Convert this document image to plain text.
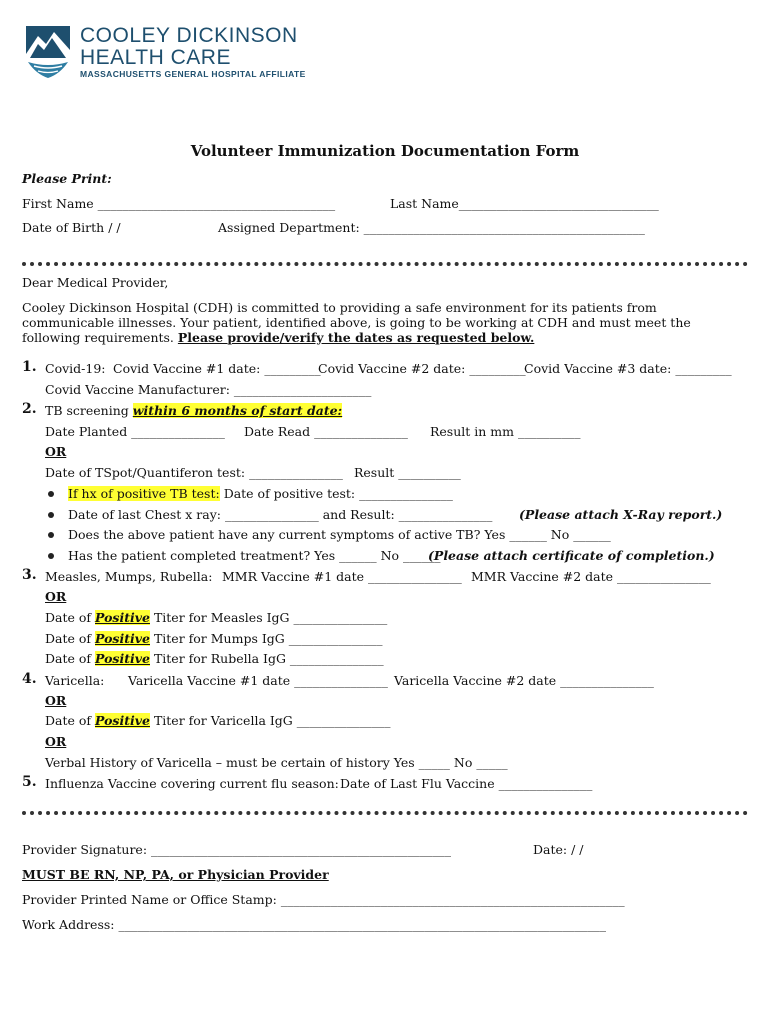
COOLEY DICKINSON
HEALTH CARE
MASSACHUSETTS GENERAL HOSPITAL AFFILIATE
Volunteer Immunization Documentation Form
Please Print:
First Name ______________________________________	Last Name________________________________
Date of Birth / /	Assigned Department: _____________________________________________
Dear Medical Provider,
Cooley Dickinson Hospital (CDH) is committed to providing a safe environment for its patients from communicable illnesses. Your patient, identified above, is going to be working at CDH and must meet the following requirements. Please provide/verify the dates as requested below.
1. Covid-19: Covid Vaccine #1 date: _________
Covid Vaccine #2 date: _________
Covid Vaccine #3 date: _________
Covid Vaccine Manufacturer: ______________________
2. TB screening within 6 months of start date:
Date Planted _______________ Date Read _______________ Result in mm __________
OR
Date of TSpot/Quantiferon test: _______________ Result __________
If hx of positive TB test: Date of positive test: _______________
Date of last Chest x ray: _______________ and Result: _______________ (Please attach X-Ray report.)
Does the above patient have any current symptoms of active TB? Yes ______ No ______
Has the patient completed treatment? Yes ______ No ______
(Please attach certificate of completion.)
3. Measles, Mumps, Rubella: MMR Vaccine #1 date _______________ MMR Vaccine #2 date _______________
OR
Date of Positive Titer for Measles IgG _______________
Date of Positive Titer for Mumps IgG _______________
Date of Positive Titer for Rubella IgG _______________
4. Varicella: Varicella Vaccine #1 date _______________ Varicella Vaccine #2 date _______________
OR
Date of Positive Titer for Varicella IgG _______________
OR
Verbal History of Varicella – must be certain of history Yes _____ No _____
5. Influenza Vaccine covering current flu season: Date of Last Flu Vaccine _______________
Provider Signature: ________________________________________________	Date: / /
MUST BE RN, NP, PA, or Physician Provider
Provider Printed Name or Office Stamp: _______________________________________________________
Work Address: ______________________________________________________________________________
